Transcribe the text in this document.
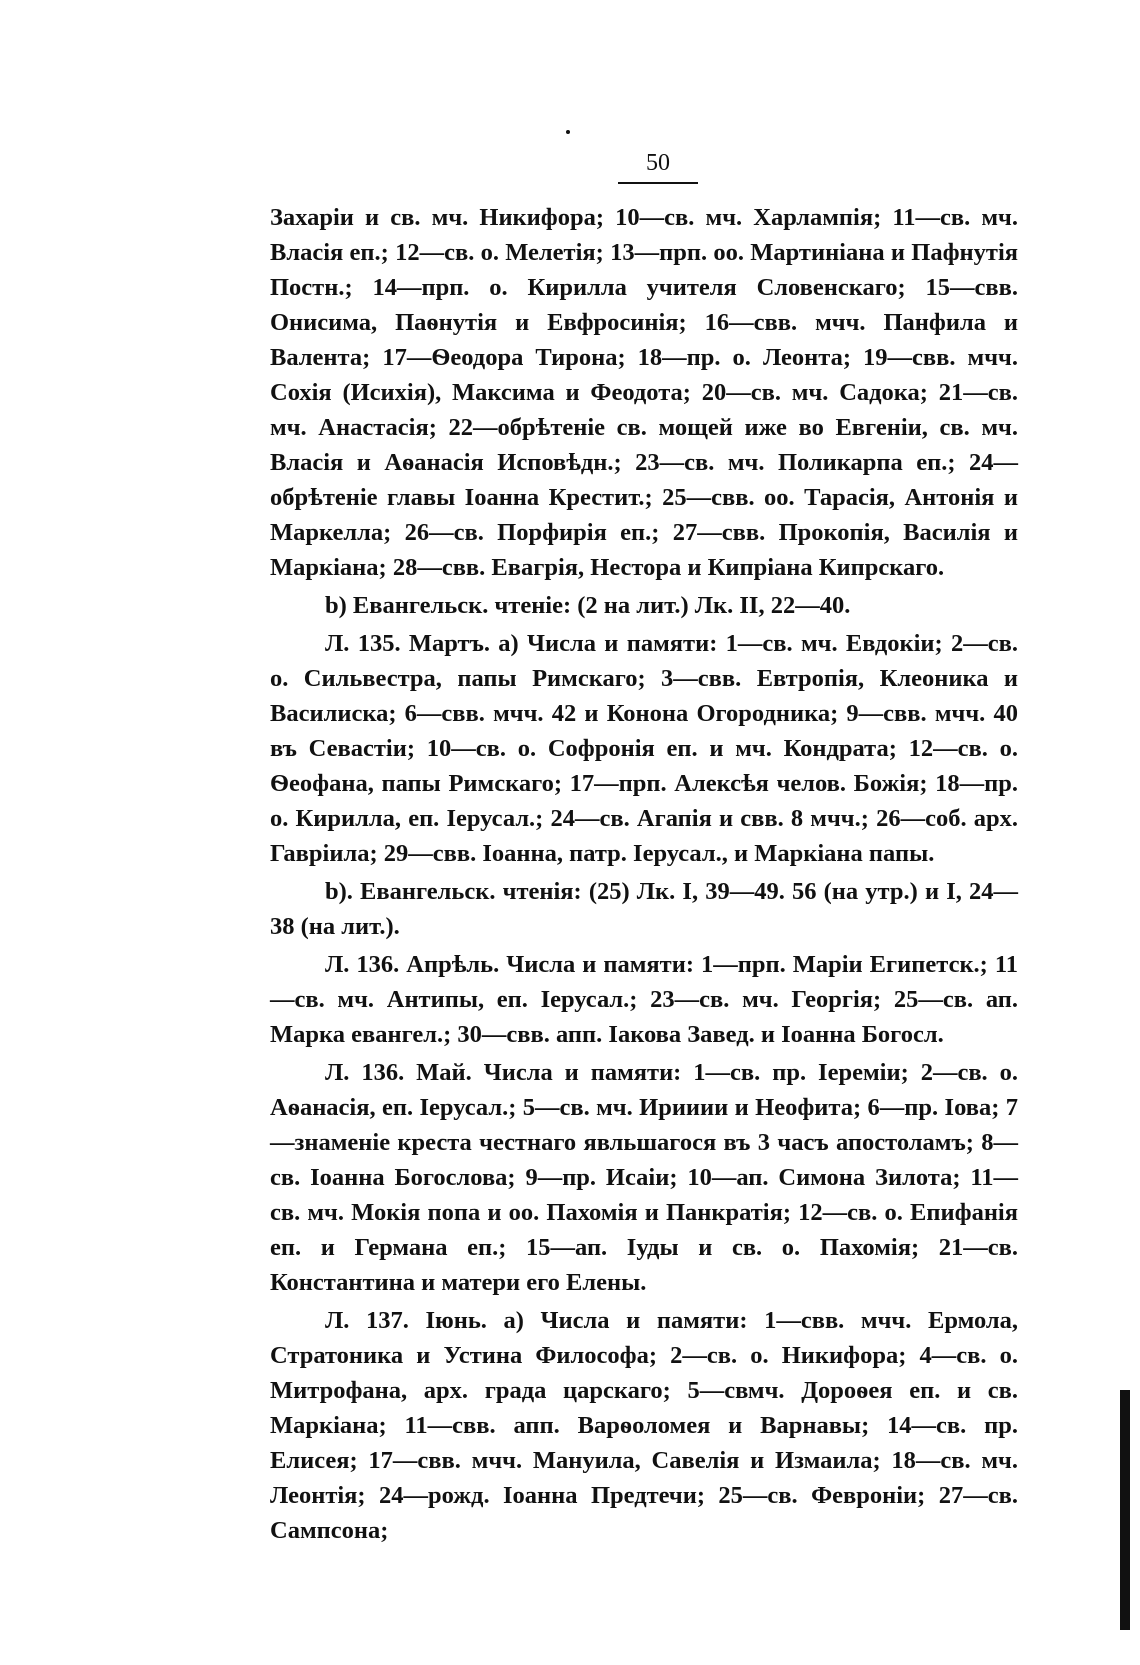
50

Захаріи и св. мч. Никифора; 10—св. мч. Харлампія; 11—св. мч. Власія еп.; 12—св. о. Мелетія; 13—прп. оо. Мартиніана и Пафнутія Постн.; 14—прп. о. Кирилла учителя Словенскаго; 15—свв. Онисима, Паѳнутія и Евфросинія; 16—свв. мчч. Панфила и Валента; 17—Ѳеодора Тирона; 18—пр. о. Леонта; 19—свв. мчч. Сохія (Исихія), Максима и Феодота; 20—св. мч. Садока; 21—св. мч. Анастасія; 22—обрѣтеніе св. мощей иже во Евгеніи, св. мч. Власія и Аѳанасія Исповѣдн.; 23—св. мч. Поликарпа еп.; 24—обрѣтеніе главы Іоанна Крестит.; 25—свв. оо. Тарасія, Антонія и Маркелла; 26—св. Порфирія еп.; 27—свв. Прокопія, Василія и Маркіана; 28—свв. Евагрія, Нестора и Кипріана Кипрскаго.

b) Евангельск. чтеніе: (2 на лит.) Лк. II, 22—40.

Л. 135. Мартъ. a) Числа и памяти: 1—св. мч. Евдокіи; 2—св. о. Сильвестра, папы Римскаго; 3—свв. Евтропія, Клеоника и Василиска; 6—свв. мчч. 42 и Конона Огородника; 9—свв. мчч. 40 въ Севастіи; 10—св. о. Софронія еп. и мч. Кондрата; 12—св. о. Ѳеофана, папы Римскаго; 17—прп. Алексѣя челов. Божія; 18—пр. о. Кирилла, еп. Іерусал.; 24—св. Агапія и свв. 8 мчч.; 26—соб. арх. Гавріила; 29—свв. Іоанна, патр. Іерусал., и Маркіана папы.

b). Евангельск. чтенія: (25) Лк. I, 39—49. 56 (на утр.) и I, 24—38 (на лит.).

Л. 136. Апрѣль. Числа и памяти: 1—прп. Маріи Египетск.; 11—св. мч. Антипы, еп. Іерусал.; 23—св. мч. Георгія; 25—св. ап. Марка евангел.; 30—свв. апп. Іакова Завед. и Іоанна Богосл.

Л. 136. Май. Числа и памяти: 1—св. пр. Іереміи; 2—св. о. Аѳанасія, еп. Іерусал.; 5—св. мч. Ирииии и Неофита; 6—пр. Іова; 7—знаменіе креста честнаго явльшагося въ 3 часъ апостоламъ; 8—св. Іоанна Богослова; 9—пр. Исаіи; 10—ап. Симона Зилота; 11—св. мч. Мокія попа и оо. Пахомія и Панкратія; 12—св. о. Епифанія еп. и Германа еп.; 15—ап. Іуды и св. о. Пахомія; 21—св. Константина и матери его Елены.

Л. 137. Іюнь. a) Числа и памяти: 1—свв. мчч. Ермола, Стратоника и Устина Философа; 2—св. о. Никифора; 4—св. о. Митрофана, арх. града царскаго; 5—свмч. Дороѳея еп. и св. Маркіана; 11—свв. апп. Варѳоломея и Варнавы; 14—св. пр. Елисея; 17—свв. мчч. Мануила, Савелія и Измаила; 18—св. мч. Леонтія; 24—рожд. Іоанна Предтечи; 25—св. Февроніи; 27—св. Сампсона;
